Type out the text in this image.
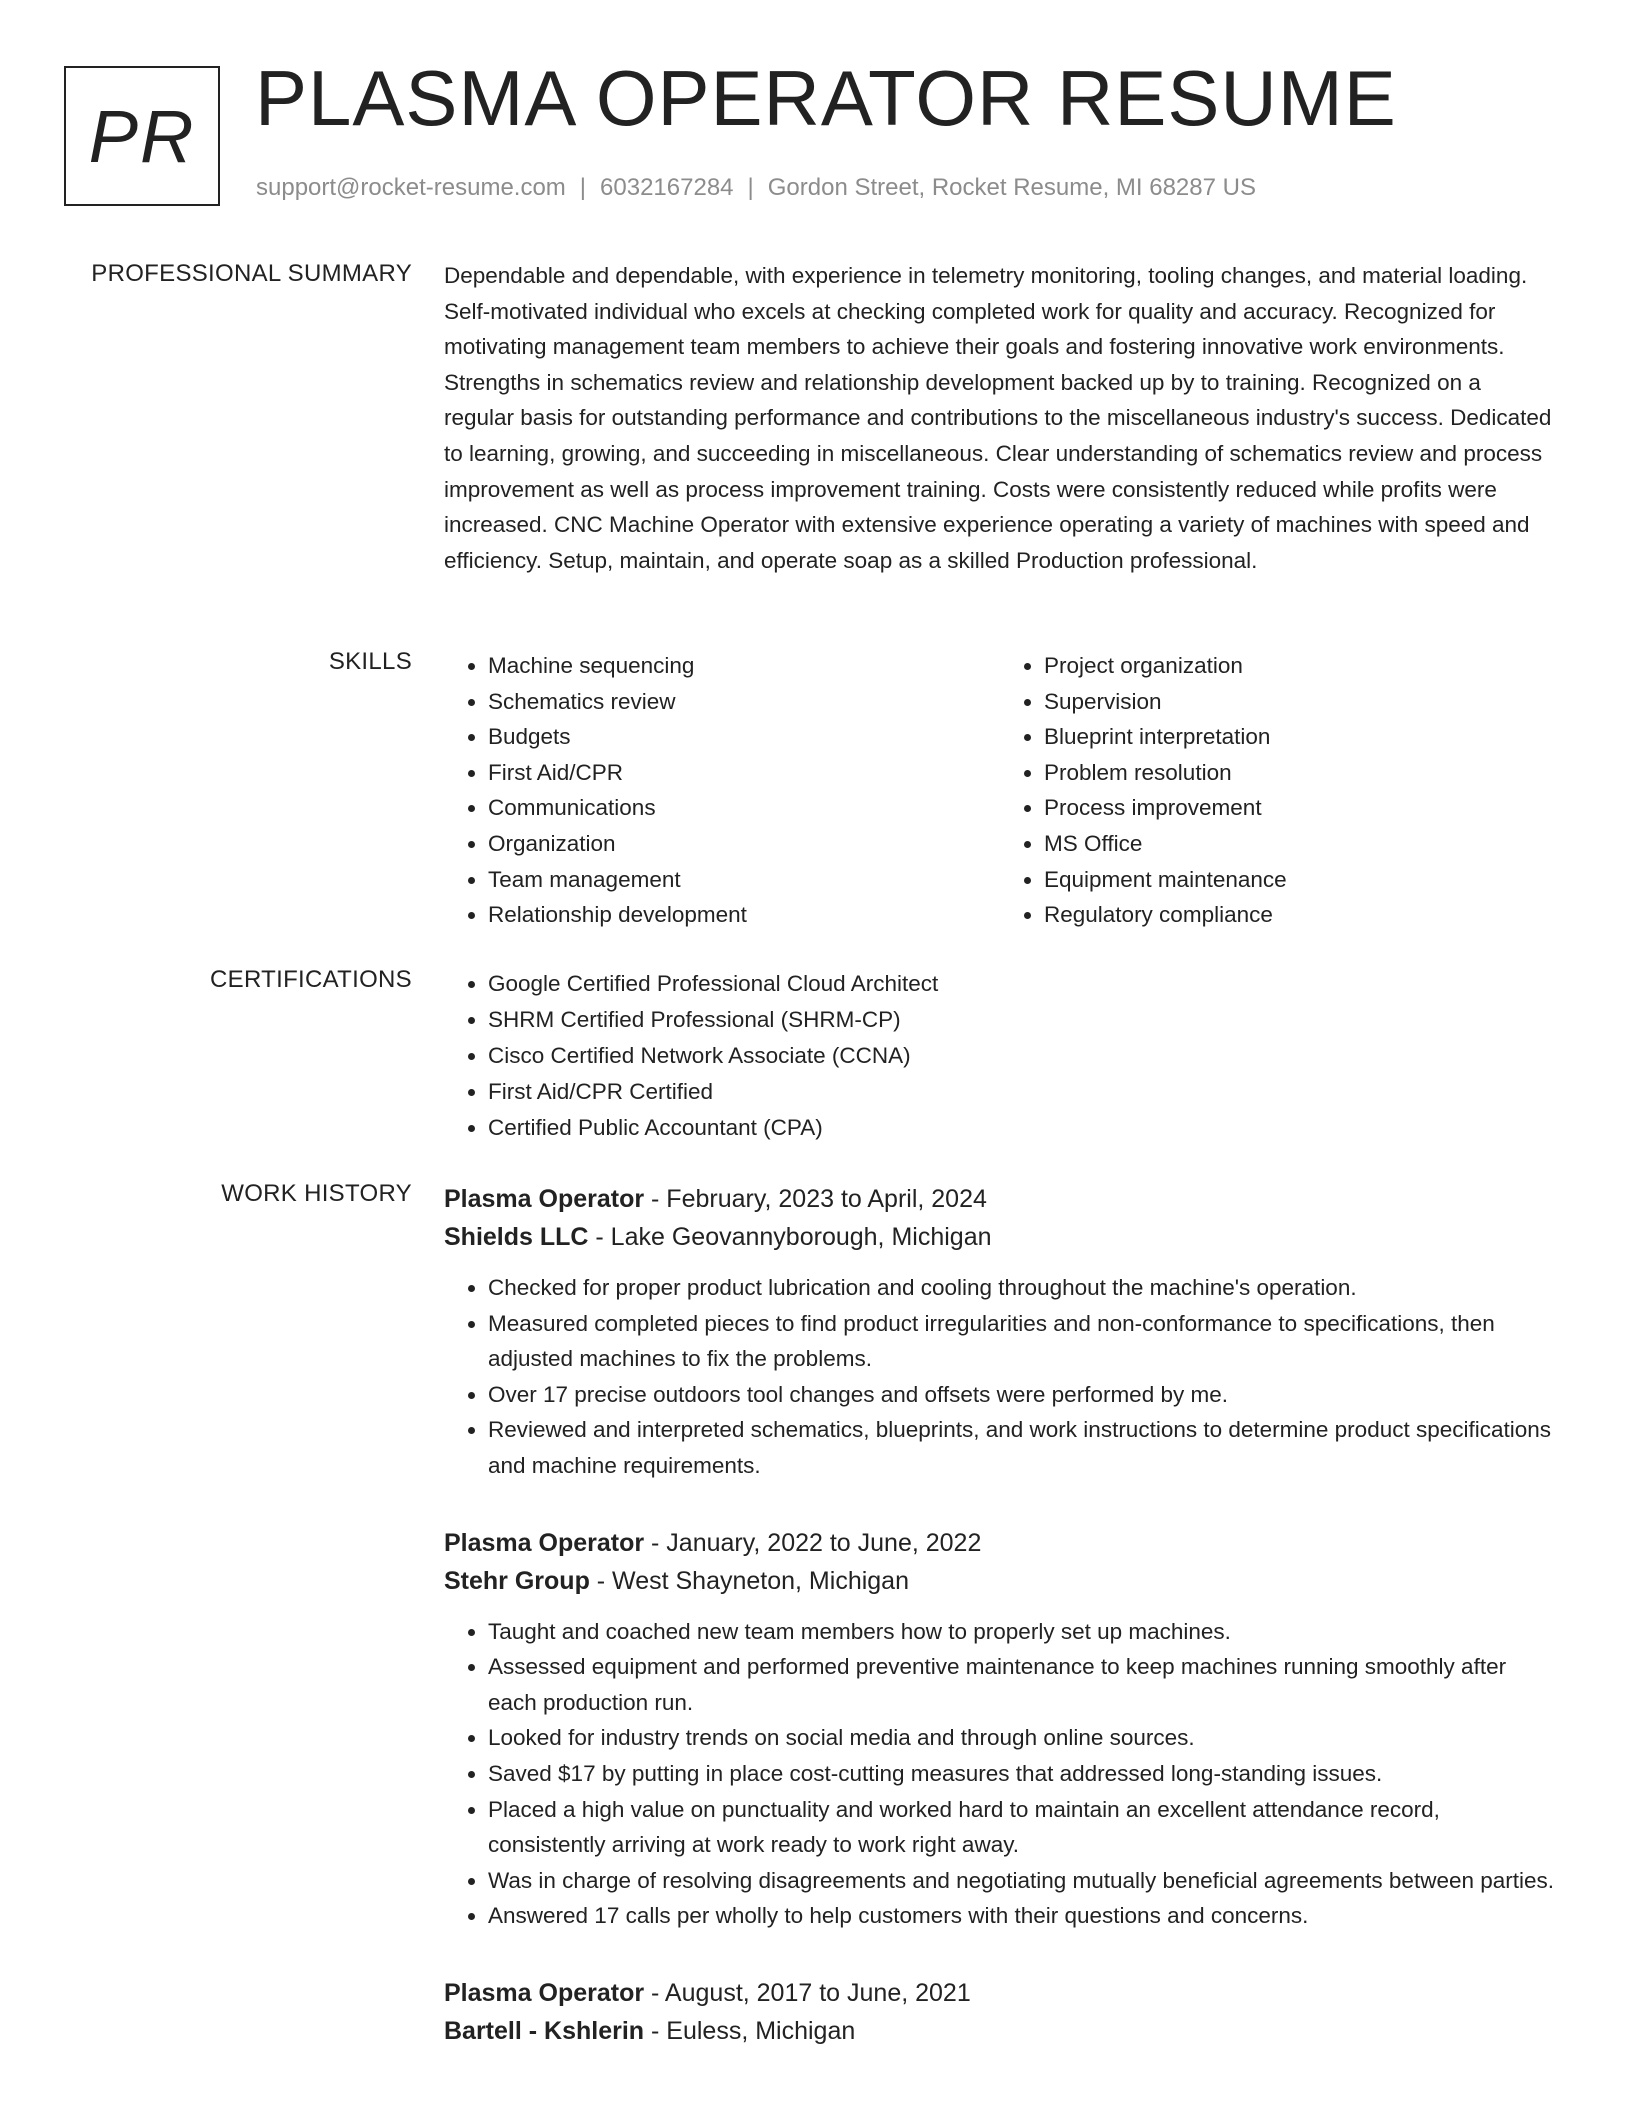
PR PLASMA OPERATOR RESUME
support@rocket-resume.com | 6032167284 | Gordon Street, Rocket Resume, MI 68287 US
PROFESSIONAL SUMMARY Dependable and dependable, with experience in telemetry monitoring, tooling changes, and material loading. Self-motivated individual who excels at checking completed work for quality and accuracy. Recognized for motivating management team members to achieve their goals and fostering innovative work environments. Strengths in schematics review and relationship development backed up by to training. Recognized on a regular basis for outstanding performance and contributions to the miscellaneous industry's success. Dedicated to learning, growing, and succeeding in miscellaneous. Clear understanding of schematics review and process improvement as well as process improvement training. Costs were consistently reduced while profits were increased. CNC Machine Operator with extensive experience operating a variety of machines with speed and efficiency. Setup, maintain, and operate soap as a skilled Production professional.
SKILLS	• Machine sequencing
• Schematics review
• Budgets
• First Aid/CPR
• Communications
• Organization
• Team management
• Relationship development
• Project organization
• Supervision
• Blueprint interpretation
• Problem resolution
• Process improvement
• MS Office
• Equipment maintenance
• Regulatory compliance
CERTIFICATIONS	• Google Certified Professional Cloud Architect
• SHRM Certified Professional (SHRM-CP)
• Cisco Certified Network Associate (CCNA)
• First Aid/CPR Certified
• Certified Public Accountant (CPA)
WORK HISTORY Plasma Operator - February, 2023 to April, 2024
Shields LLC - Lake Geovannyborough, Michigan
• Checked for proper product lubrication and cooling throughout the machine's operation.
• Measured completed pieces to find product irregularities and non-conformance to specifications, then adjusted machines to fix the problems.
• Over 17 precise outdoors tool changes and offsets were performed by me.
• Reviewed and interpreted schematics, blueprints, and work instructions to determine product specifications and machine requirements.
Plasma Operator - January, 2022 to June, 2022
Stehr Group - West Shayneton, Michigan
• Taught and coached new team members how to properly set up machines.
• Assessed equipment and performed preventive maintenance to keep machines running smoothly after each production run.
• Looked for industry trends on social media and through online sources.
• Saved $17 by putting in place cost-cutting measures that addressed long-standing issues.
• Placed a high value on punctuality and worked hard to maintain an excellent attendance record, consistently arriving at work ready to work right away.
• Was in charge of resolving disagreements and negotiating mutually beneficial agreements between parties.
• Answered 17 calls per wholly to help customers with their questions and concerns.
Plasma Operator - August, 2017 to June, 2021
Bartell - Kshlerin - Euless, Michigan
